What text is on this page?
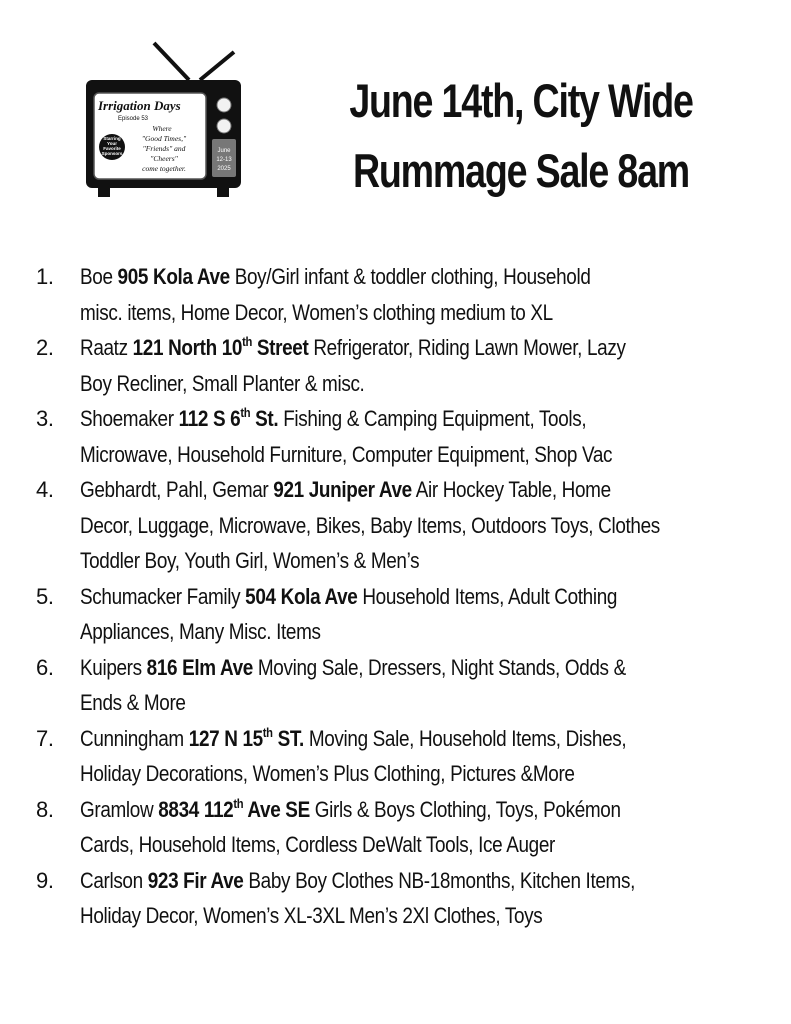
June
12-13
2025
Irrigation Days
Episode 53
Starring Your Favorite Sponsors
Where
"Good Times,"
"Friends" and
"Cheers"
come together.
June 14th, City Wide
Rummage Sale 8am
1. Boe 905 Kola Ave Boy/Girl infant & toddler clothing, Household
misc. items, Home Decor, Women’s clothing medium to XL
2. Raatz 121 North 10th Street Refrigerator, Riding Lawn Mower, Lazy
Boy Recliner, Small Planter & misc.
3. Shoemaker 112 S 6th St. Fishing & Camping Equipment, Tools,
Microwave, Household Furniture, Computer Equipment, Shop Vac
4. Gebhardt, Pahl, Gemar 921 Juniper Ave Air Hockey Table, Home
Decor, Luggage, Microwave, Bikes, Baby Items, Outdoors Toys, Clothes
Toddler Boy, Youth Girl, Women’s & Men’s
5. Schumacker Family 504 Kola Ave Household Items, Adult Cothing
Appliances, Many Misc. Items
6. Kuipers 816 Elm Ave Moving Sale, Dressers, Night Stands, Odds &
Ends & More
7. Cunningham 127 N 15th ST. Moving Sale, Household Items, Dishes,
Holiday Decorations, Women’s Plus Clothing, Pictures &More
8. Gramlow 8834 112th Ave SE Girls & Boys Clothing, Toys, Pokémon
Cards, Household Items, Cordless DeWalt Tools, Ice Auger
9. Carlson 923 Fir Ave Baby Boy Clothes NB-18months, Kitchen Items,
Holiday Decor, Women’s XL-3XL Men’s 2Xl Clothes, Toys
